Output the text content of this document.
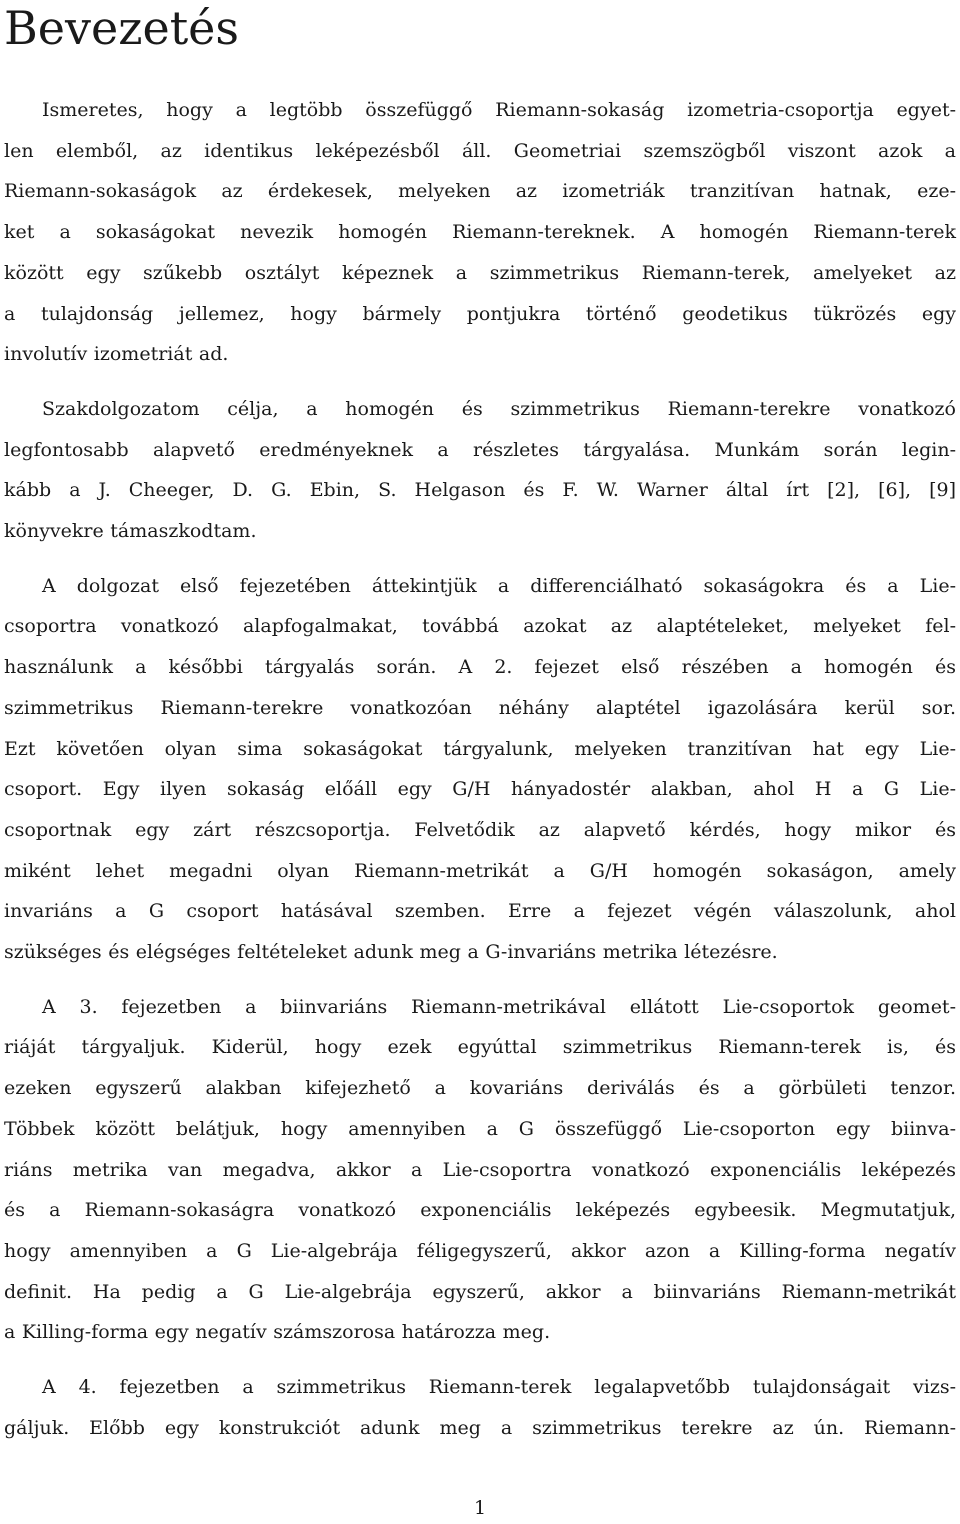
Bevezetés
Ismeretes, hogy a legtöbb összefüggő Riemann-sokaság izometria-csoportja egyet-
len elemből, az identikus leképezésből áll. Geometriai szemszögből viszont azok a
Riemann-sokaságok az érdekesek, melyeken az izometriák tranzitívan hatnak, eze-
ket a sokaságokat nevezik homogén Riemann-tereknek. A homogén Riemann-terek
között egy szűkebb osztályt képeznek a szimmetrikus Riemann-terek, amelyeket az
a tulajdonság jellemez, hogy bármely pontjukra történő geodetikus tükrözés egy
involutív izometriát ad.
Szakdolgozatom célja, a homogén és szimmetrikus Riemann-terekre vonatkozó
legfontosabb alapvető eredményeknek a részletes tárgyalása. Munkám során legin-
kább a J. Cheeger, D. G. Ebin, S. Helgason és F. W. Warner által írt [2], [6], [9]
könyvekre támaszkodtam.
A dolgozat első fejezetében áttekintjük a differenciálható sokaságokra és a Lie-
csoportra vonatkozó alapfogalmakat, továbbá azokat az alaptételeket, melyeket fel-
használunk a későbbi tárgyalás során. A 2. fejezet első részében a homogén és
szimmetrikus Riemann-terekre vonatkozóan néhány alaptétel igazolására kerül sor.
Ezt követően olyan sima sokaságokat tárgyalunk, melyeken tranzitívan hat egy Lie-
csoport. Egy ilyen sokaság előáll egy G/H hányadostér alakban, ahol H a G Lie-
csoportnak egy zárt részcsoportja. Felvetődik az alapvető kérdés, hogy mikor és
miként lehet megadni olyan Riemann-metrikát a G/H homogén sokaságon, amely
invariáns a G csoport hatásával szemben. Erre a fejezet végén válaszolunk, ahol
szükséges és elégséges feltételeket adunk meg a G-invariáns metrika létezésre.
A 3. fejezetben a biinvariáns Riemann-metrikával ellátott Lie-csoportok geomet-
riáját tárgyaljuk. Kiderül, hogy ezek egyúttal szimmetrikus Riemann-terek is, és
ezeken egyszerű alakban kifejezhető a kovariáns deriválás és a görbületi tenzor.
Többek között belátjuk, hogy amennyiben a G összefüggő Lie-csoporton egy biinva-
riáns metrika van megadva, akkor a Lie-csoportra vonatkozó exponenciális leképezés
és a Riemann-sokaságra vonatkozó exponenciális leképezés egybeesik. Megmutatjuk,
hogy amennyiben a G Lie-algebrája féligegyszerű, akkor azon a Killing-forma negatív
definit. Ha pedig a G Lie-algebrája egyszerű, akkor a biinvariáns Riemann-metrikát
a Killing-forma egy negatív számszorosa határozza meg.
A 4. fejezetben a szimmetrikus Riemann-terek legalapvetőbb tulajdonságait vizs-
gáljuk. Előbb egy konstrukciót adunk meg a szimmetrikus terekre az ún. Riemann-
1
